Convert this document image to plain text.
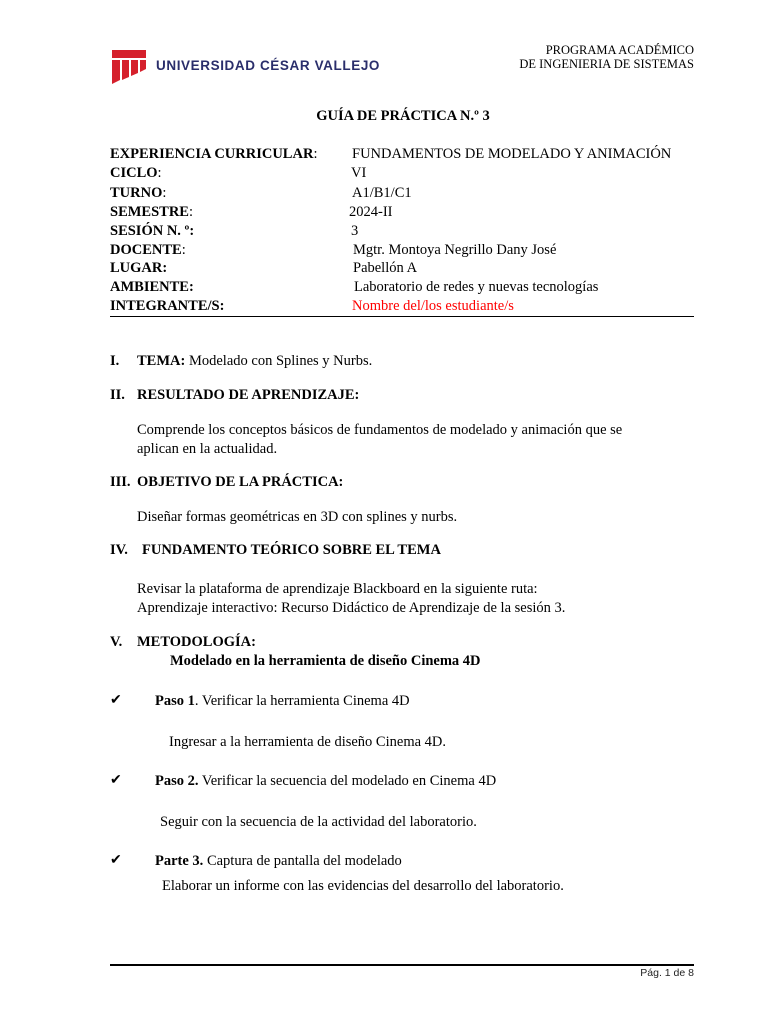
UNIVERSIDAD CÉSAR VALLEJO
PROGRAMA ACADÉMICO
DE INGENIERIA DE SISTEMAS
GUÍA DE PRÁCTICA N.º 3
EXPERIENCIA CURRICULAR: FUNDAMENTOS DE MODELADO Y ANIMACIÓN
CICLO:	VI
TURNO:	A1/B1/C1
SEMESTRE:	2024-II
SESIÓN N. º:	3
DOCENTE:	Mgtr. Montoya Negrillo Dany José
LUGAR:	Pabellón A
AMBIENTE:	Laboratorio de redes y nuevas tecnologías
INTEGRANTE/S:	Nombre del/los estudiante/s
I. TEMA: Modelado con Splines y Nurbs.
II. RESULTADO DE APRENDIZAJE:
Comprende los conceptos básicos de fundamentos de modelado y animación que se
aplican en la actualidad.
III. OBJETIVO DE LA PRÁCTICA:
Diseñar formas geométricas en 3D con splines y nurbs.
IV. FUNDAMENTO TEÓRICO SOBRE EL TEMA
Revisar la plataforma de aprendizaje Blackboard en la siguiente ruta:
Aprendizaje interactivo: Recurso Didáctico de Aprendizaje de la sesión 3.
V. METODOLOGÍA:
Modelado en la herramienta de diseño Cinema 4D
✔ Paso 1. Verificar la herramienta Cinema 4D
Ingresar a la herramienta de diseño Cinema 4D.
✔ Paso 2. Verificar la secuencia del modelado en Cinema 4D
Seguir con la secuencia de la actividad del laboratorio.
✔ Parte 3. Captura de pantalla del modelado
Elaborar un informe con las evidencias del desarrollo del laboratorio.
Pág. 1 de 8
